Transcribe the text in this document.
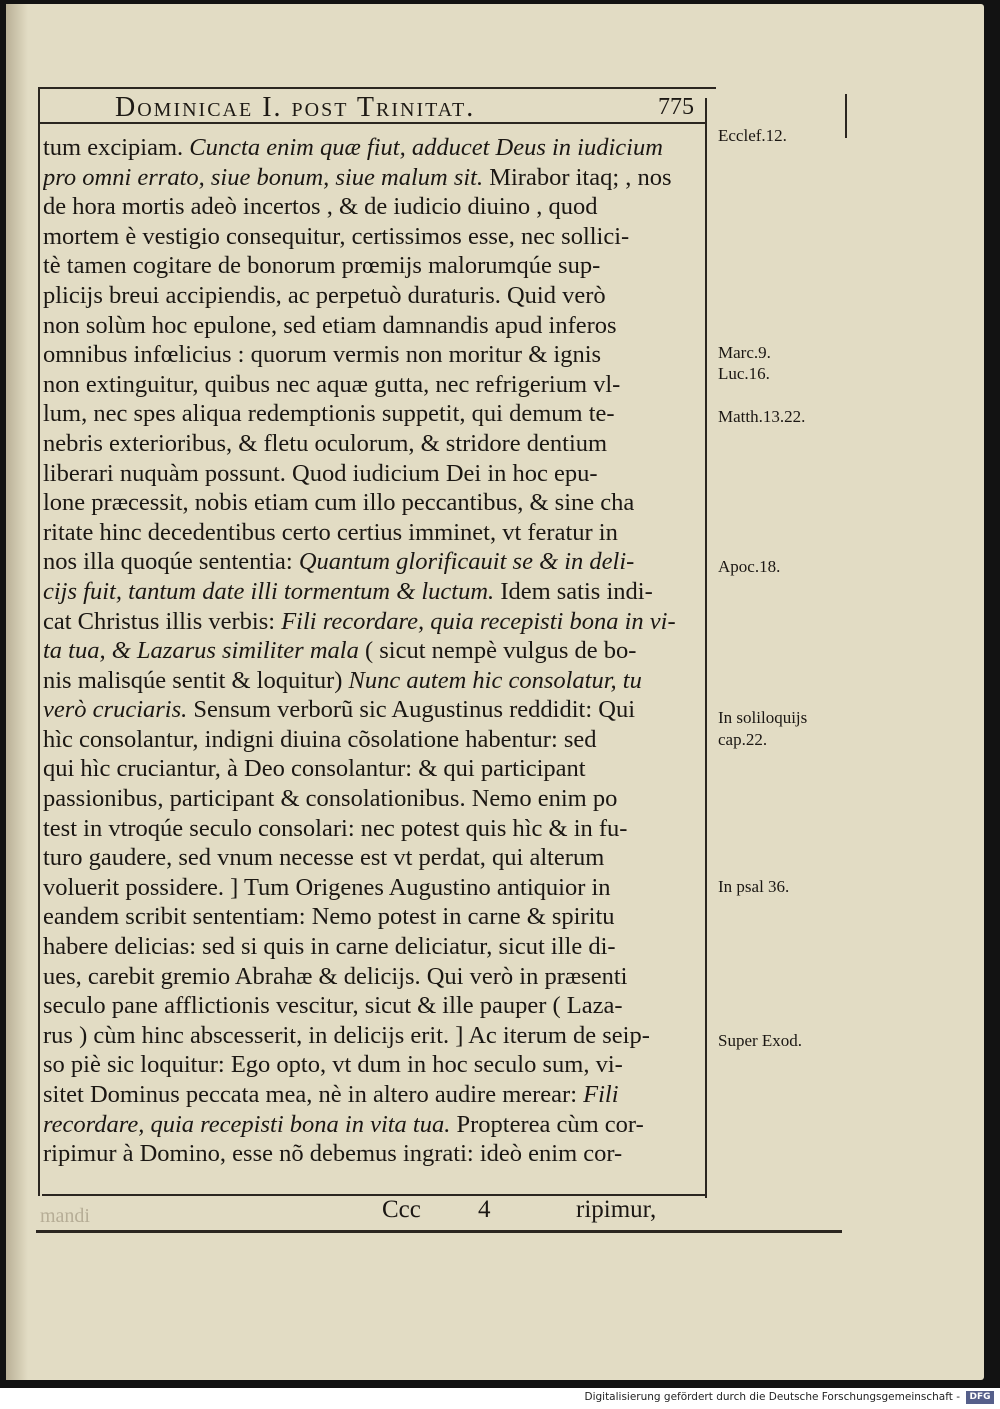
Dominicae I. post Trinitat.	775
tum excipiam. Cuncta enim quæ fiut, adducet Deus in iudicium
pro omni errato, siue bonum, siue malum sit. Mirabor itaq; , nos
de hora mortis adeò incertos , & de iudicio diuino , quod
mortem è vestigio consequitur, certissimos esse, nec sollici-
tè tamen cogitare de bonorum prœmijs malorumqúe sup-
plicijs breui accipiendis, ac perpetuò duraturis. Quid verò
non solùm hoc epulone, sed etiam damnandis apud inferos
omnibus infœlicius : quorum vermis non moritur & ignis
non extinguitur, quibus nec aquæ gutta, nec refrigerium vl-
lum, nec spes aliqua redemptionis suppetit, qui demum te-
nebris exterioribus, & fletu oculorum, & stridore dentium
liberari nuquàm possunt. Quod iudicium Dei in hoc epu-
lone præcessit, nobis etiam cum illo peccantibus, & sine cha
ritate hinc decedentibus certo certius imminet, vt feratur in
nos illa quoqúe sententia: Quantum glorificauit se & in deli-
cijs fuit, tantum date illi tormentum & luctum. Idem satis indi-
cat Christus illis verbis: Fili recordare, quia recepisti bona in vi-
ta tua, & Lazarus similiter mala ( sicut nempè vulgus de bo-
nis malisqúe sentit & loquitur) Nunc autem hic consolatur, tu
verò cruciaris. Sensum verborũ sic Augustinus reddidit: Qui
hìc consolantur, indigni diuina cõsolatione habentur: sed
qui hìc cruciantur, à Deo consolantur: & qui participant
passionibus, participant & consolationibus. Nemo enim po
test in vtroqúe seculo consolari: nec potest quis hìc & in fu-
turo gaudere, sed vnum necesse est vt perdat, qui alterum
voluerit possidere. ] Tum Origenes Augustino antiquior in
eandem scribit sententiam: Nemo potest in carne & spiritu
habere delicias: sed si quis in carne deliciatur, sicut ille di-
ues, carebit gremio Abrahæ & delicijs. Qui verò in præsenti
seculo pane afflictionis vescitur, sicut & ille pauper ( Laza-
rus ) cùm hinc abscesserit, in delicijs erit. ] Ac iterum de seip-
so piè sic loquitur: Ego opto, vt dum in hoc seculo sum, vi-
sitet Dominus peccata mea, nè in altero audire merear: Fili
recordare, quia recepisti bona in vita tua. Propterea cùm cor-
ripimur à Domino, esse nõ debemus ingrati: ideò enim cor-
Ecclef.12.
Marc.9.
Luc.16.
Matth.13.22.
Apoc.18.
In soliloquijs
cap.22.
In psal 36.
Super Exod.
mandi	Ccc 4	ripimur,
Digitalisierung gefördert durch die Deutsche Forschungsgemeinschaft -	DFG
